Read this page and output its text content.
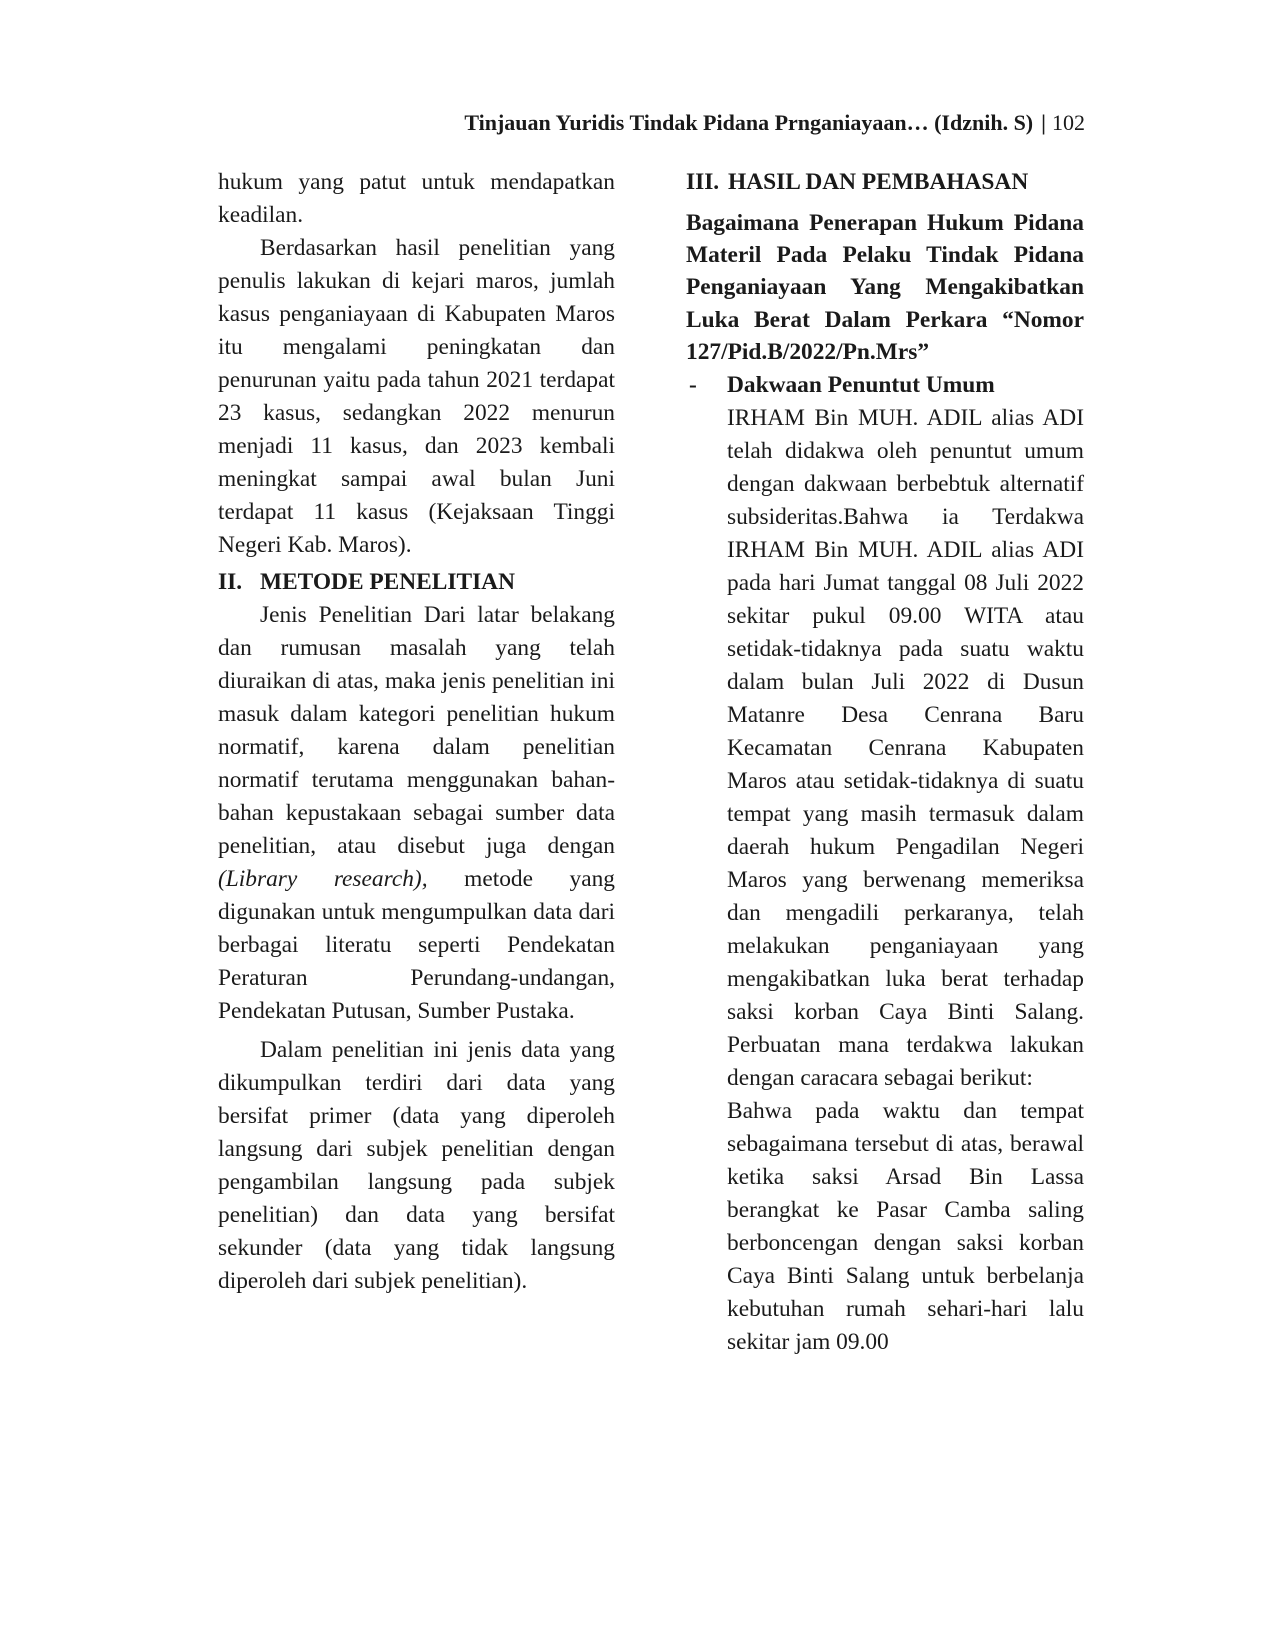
Tinjauan Yuridis Tindak Pidana Prnganiayaan… (Idznih. S) | 102

hukum yang patut untuk mendapatkan keadilan.

Berdasarkan hasil penelitian yang penulis lakukan di kejari maros, jumlah kasus penganiayaan di Kabupaten Maros itu mengalami peningkatan dan penurunan yaitu pada tahun 2021 terdapat 23 kasus, sedangkan 2022 menurun menjadi 11 kasus, dan 2023 kembali meningkat sampai awal bulan Juni terdapat 11 kasus (Kejaksaan Tinggi Negeri Kab. Maros).

II. METODE PENELITIAN

Jenis Penelitian Dari latar belakang dan rumusan masalah yang telah diuraikan di atas, maka jenis penelitian ini masuk dalam kategori penelitian hukum normatif, karena dalam penelitian normatif terutama menggunakan bahan-bahan kepustakaan sebagai sumber data penelitian, atau disebut juga dengan (Library research), metode yang digunakan untuk mengumpulkan data dari berbagai literatu seperti Pendekatan Peraturan Perundang-undangan, Pendekatan Putusan, Sumber Pustaka.

Dalam penelitian ini jenis data yang dikumpulkan terdiri dari data yang bersifat primer (data yang diperoleh langsung dari subjek penelitian dengan pengambilan langsung pada subjek penelitian) dan data yang bersifat sekunder (data yang tidak langsung diperoleh dari subjek penelitian).

III. HASIL DAN PEMBAHASAN

Bagaimana Penerapan Hukum Pidana Materil Pada Pelaku Tindak Pidana Penganiayaan Yang Mengakibatkan Luka Berat Dalam Perkara “Nomor 127/Pid.B/2022/Pn.Mrs”

- Dakwaan Penuntut Umum

IRHAM Bin MUH. ADIL alias ADI telah didakwa oleh penuntut umum dengan dakwaan berbebtuk alternatif subsideritas.Bahwa ia Terdakwa IRHAM Bin MUH. ADIL alias ADI pada hari Jumat tanggal 08 Juli 2022 sekitar pukul 09.00 WITA atau setidak-tidaknya pada suatu waktu dalam bulan Juli 2022 di Dusun Matanre Desa Cenrana Baru Kecamatan Cenrana Kabupaten Maros atau setidak-tidaknya di suatu tempat yang masih termasuk dalam daerah hukum Pengadilan Negeri Maros yang berwenang memeriksa dan mengadili perkaranya, telah melakukan penganiayaan yang mengakibatkan luka berat terhadap saksi korban Caya Binti Salang. Perbuatan mana terdakwa lakukan dengan caracara sebagai berikut:

Bahwa pada waktu dan tempat sebagaimana tersebut di atas, berawal ketika saksi Arsad Bin Lassa berangkat ke Pasar Camba saling berboncengan dengan saksi korban Caya Binti Salang untuk berbelanja kebutuhan rumah sehari-hari lalu sekitar jam 09.00
